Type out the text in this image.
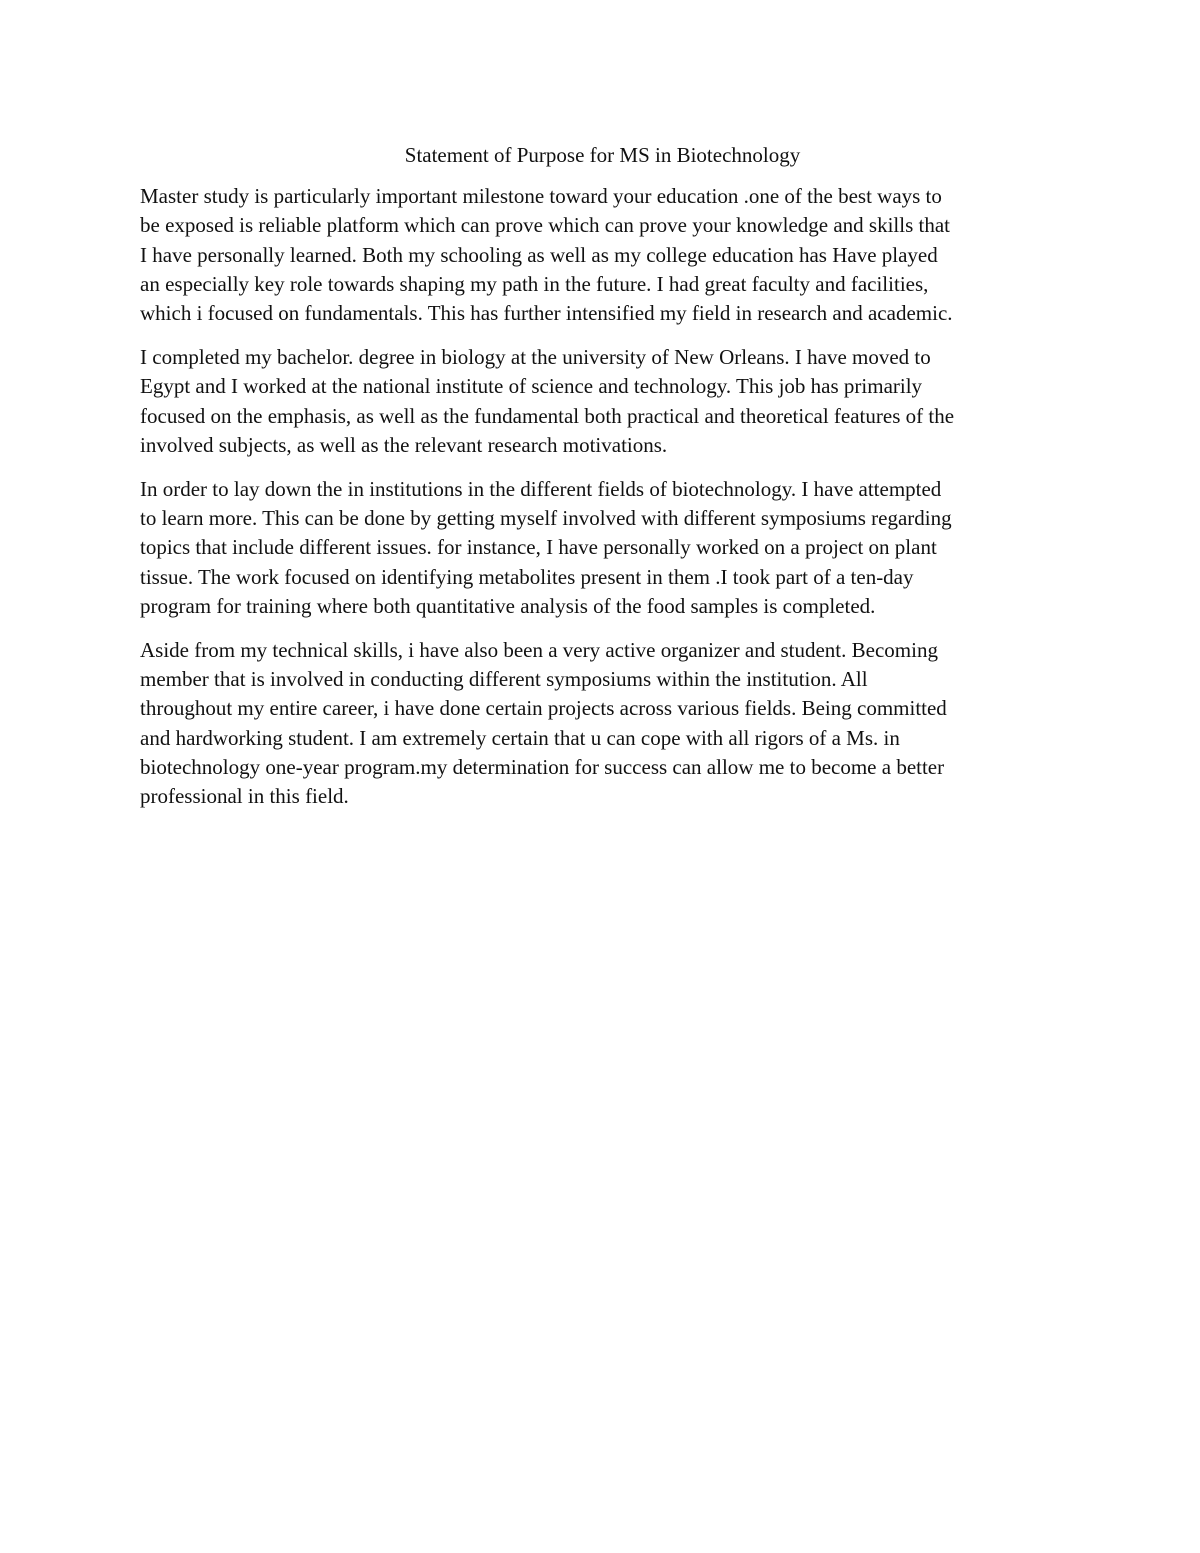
Statement of Purpose for MS in Biotechnology
Master study is particularly important milestone toward your education .one of the best ways to
be exposed is reliable platform which can prove which can prove your knowledge and skills that
I have personally learned. Both my schooling as well as my college education has Have played
an especially key role towards shaping my path in the future. I had great faculty and facilities,
which i focused on fundamentals. This has further intensified my field in research and academic.
I completed my bachelor. degree in biology at the university of New Orleans. I have moved to
Egypt and I worked at the national institute of science and technology. This job has primarily
focused on the emphasis, as well as the fundamental both practical and theoretical features of the
involved subjects, as well as the relevant research motivations.
In order to lay down the in institutions in the different fields of biotechnology. I have attempted
to learn more. This can be done by getting myself involved with different symposiums regarding
topics that include different issues. for instance, I have personally worked on a project on plant
tissue. The work focused on identifying metabolites present in them .I took part of a ten-day
program for training where both quantitative analysis of the food samples is completed.
Aside from my technical skills, i have also been a very active organizer and student. Becoming
member that is involved in conducting different symposiums within the institution. All
throughout my entire career, i have done certain projects across various fields. Being committed
and hardworking student. I am extremely certain that u can cope with all rigors of a Ms. in
biotechnology one-year program.my determination for success can allow me to become a better
professional in this field.
